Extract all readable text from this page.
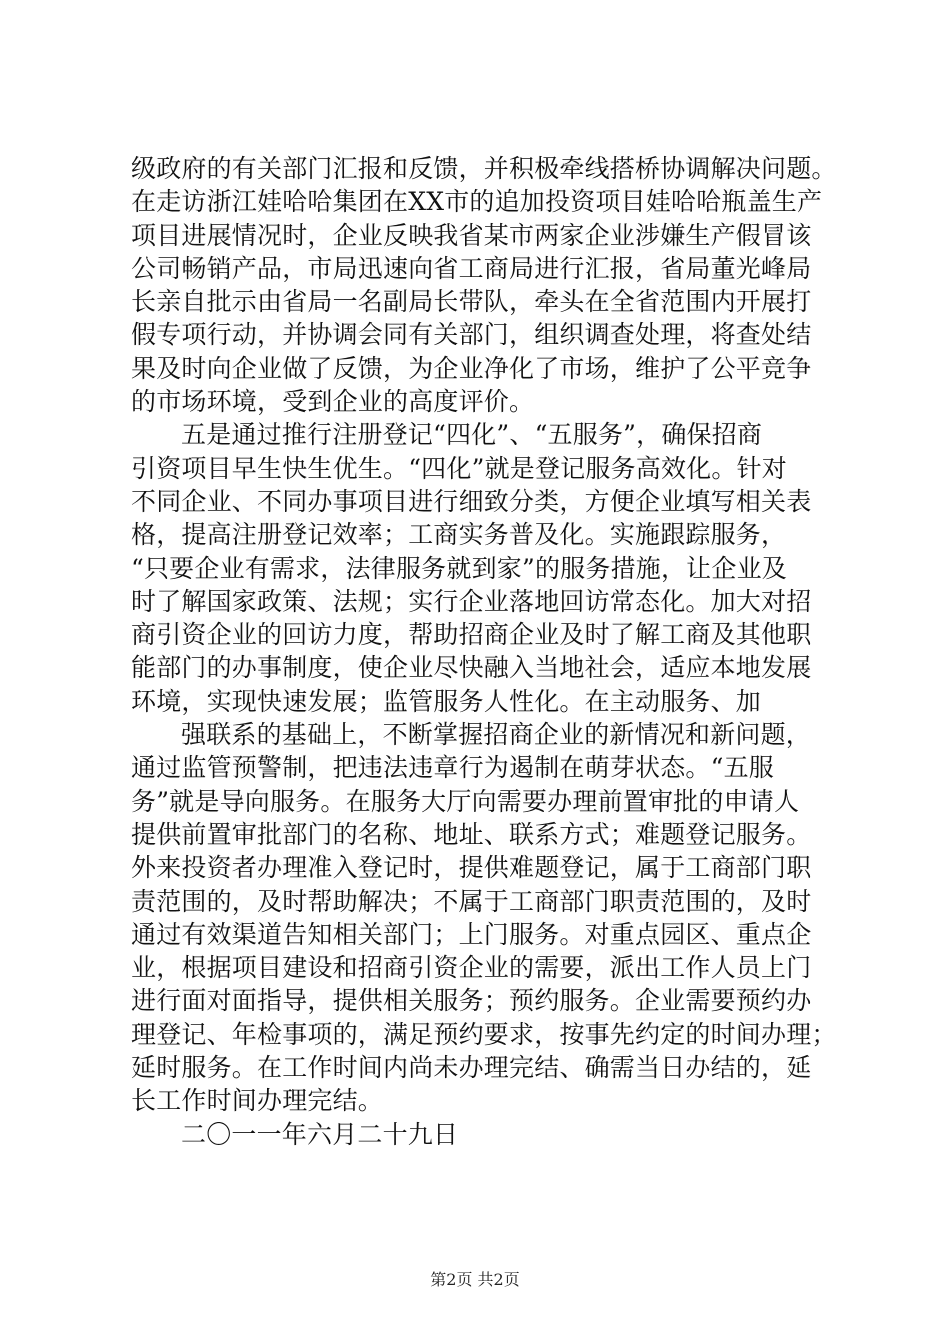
级政府的有关部门汇报和反馈，并积极牵线搭桥协调解决问题。
在走访浙江娃哈哈集团在XX市的追加投资项目娃哈哈瓶盖生产
项目进展情况时，企业反映我省某市两家企业涉嫌生产假冒该
公司畅销产品，市局迅速向省工商局进行汇报，省局董光峰局
长亲自批示由省局一名副局长带队，牵头在全省范围内开展打
假专项行动，并协调会同有关部门，组织调查处理，将查处结
果及时向企业做了反馈，为企业净化了市场，维护了公平竞争
的市场环境，受到企业的高度评价。
五是通过推行注册登记“四化”、“五服务”，确保招商
引资项目早生快生优生。“四化”就是登记服务高效化。针对
不同企业、不同办事项目进行细致分类，方便企业填写相关表
格，提高注册登记效率；工商实务普及化。实施跟踪服务，
“只要企业有需求，法律服务就到家”的服务措施，让企业及
时了解国家政策、法规；实行企业落地回访常态化。加大对招
商引资企业的回访力度，帮助招商企业及时了解工商及其他职
能部门的办事制度，使企业尽快融入当地社会，适应本地发展
环境，实现快速发展；监管服务人性化。在主动服务、加
强联系的基础上，不断掌握招商企业的新情况和新问题，
通过监管预警制，把违法违章行为遏制在萌芽状态。“五服
务”就是导向服务。在服务大厅向需要办理前置审批的申请人
提供前置审批部门的名称、地址、联系方式；难题登记服务。
外来投资者办理准入登记时，提供难题登记，属于工商部门职
责范围的，及时帮助解决；不属于工商部门职责范围的，及时
通过有效渠道告知相关部门；上门服务。对重点园区、重点企
业，根据项目建设和招商引资企业的需要，派出工作人员上门
进行面对面指导，提供相关服务；预约服务。企业需要预约办
理登记、年检事项的，满足预约要求，按事先约定的时间办理；
延时服务。在工作时间内尚未办理完结、确需当日办结的，延
长工作时间办理完结。
二〇一一年六月二十九日
第2页 共2页
